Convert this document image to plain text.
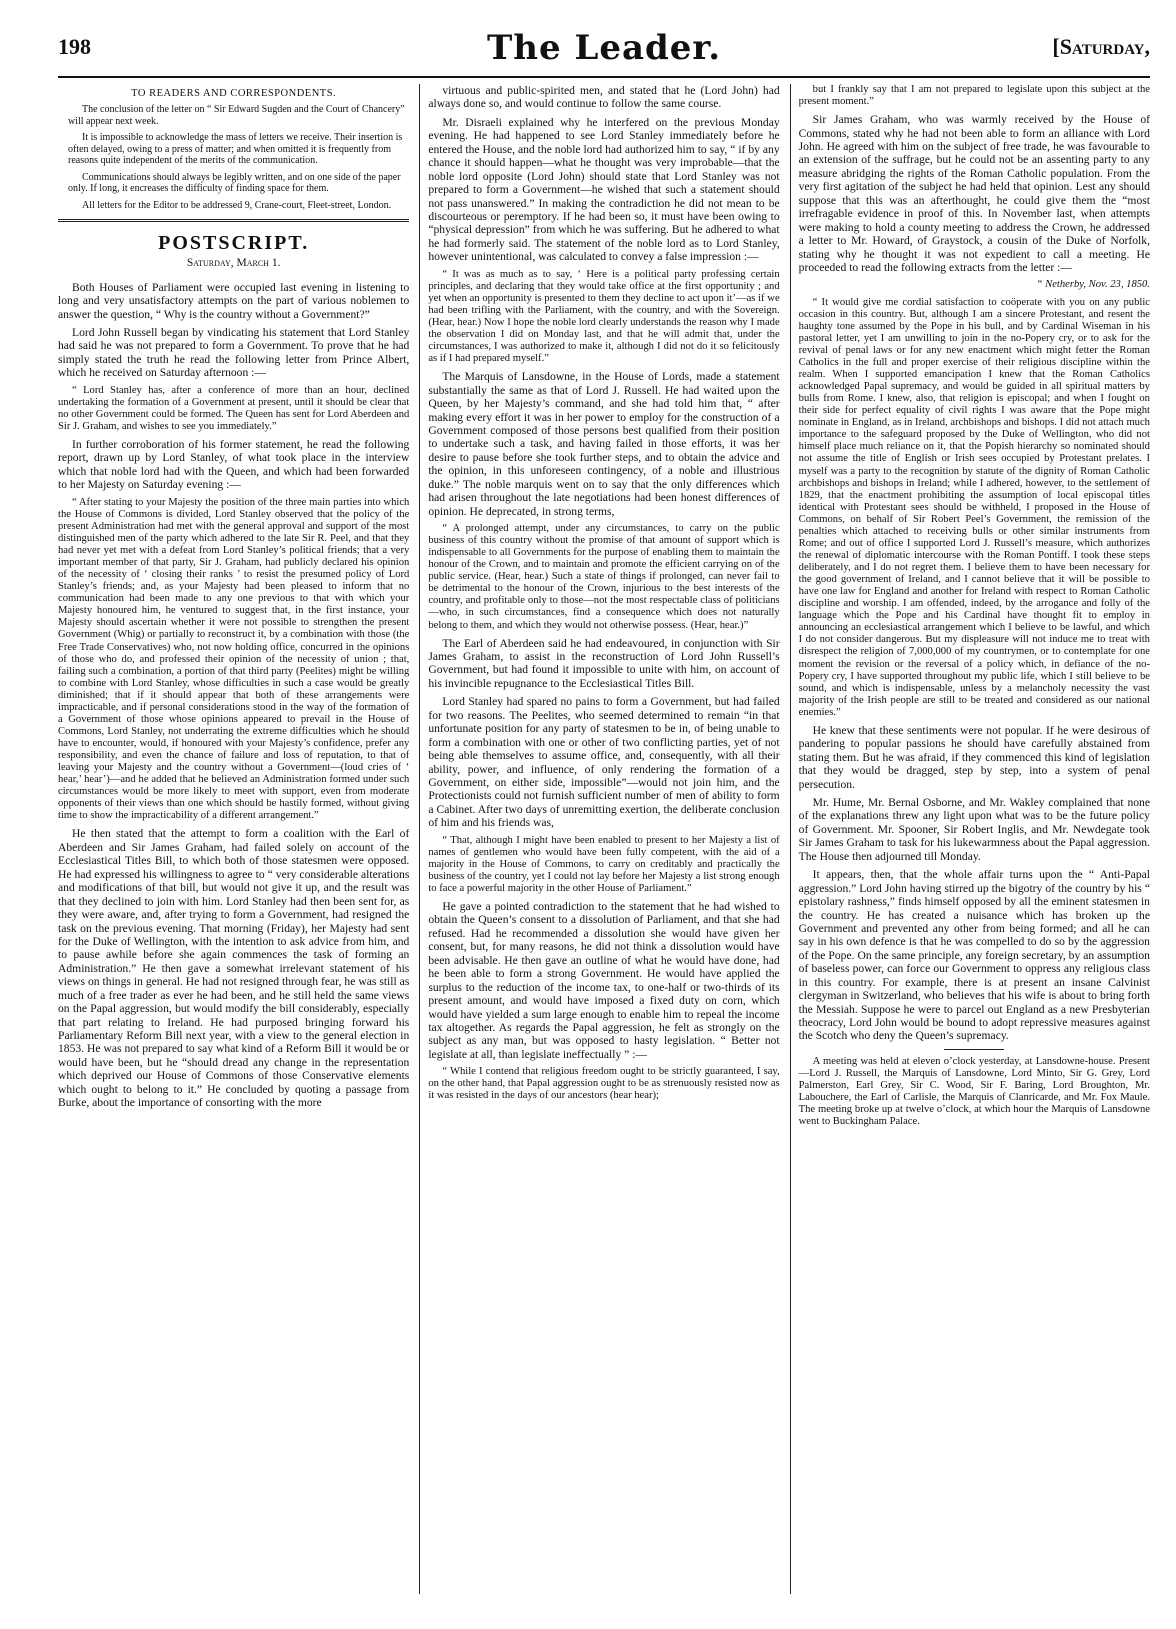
198	The Leader.	[Saturday,
TO READERS AND CORRESPONDENTS.

The conclusion of the letter on “ Sir Edward Sugden and the Court of Chancery” will appear next week.

It is impossible to acknowledge the mass of letters we receive. Their insertion is often delayed, owing to a press of matter; and when omitted it is frequently from reasons quite independent of the merits of the communication.

Communications should always be legibly written, and on one side of the paper only. If long, it encreases the difficulty of finding space for them.

All letters for the Editor to be addressed 9, Crane-court, Fleet-street, London.

POSTSCRIPT.
Saturday, March 1.

Both Houses of Parliament were occupied last evening in listening to long and very unsatisfactory attempts on the part of various noblemen to answer the question, “ Why is the country without a Government?”

Lord John Russell began by vindicating his statement that Lord Stanley had said he was not prepared to form a Government. To prove that he had simply stated the truth he read the following letter from Prince Albert, which he received on Saturday afternoon :—

“ Lord Stanley has, after a conference of more than an hour, declined undertaking the formation of a Government at present, until it should be clear that no other Government could be formed. The Queen has sent for Lord Aberdeen and Sir J. Graham, and wishes to see you immediately.”

In further corroboration of his former statement, he read the following report, drawn up by Lord Stanley, of what took place in the interview which that noble lord had with the Queen, and which had been forwarded to her Majesty on Saturday evening :—

“ After stating to your Majesty the position of the three main parties into which the House of Commons is divided, Lord Stanley observed that the policy of the present Administration had met with the general approval and support of the most distinguished men of the party which adhered to the late Sir R. Peel, and that they had never yet met with a defeat from Lord Stanley’s political friends; that a very important member of that party, Sir J. Graham, had publicly declared his opinion of the necessity of ‘ closing their ranks ’ to resist the presumed policy of Lord Stanley’s friends; and, as your Majesty had been pleased to inform that no communication had been made to any one previous to that with which your Majesty honoured him, he ventured to suggest that, in the first instance, your Majesty should ascertain whether it were not possible to strengthen the present Government (Whig) or partially to reconstruct it, by a combination with those (the Free Trade Conservatives) who, not now holding office, concurred in the opinions of those who do, and professed their opinion of the necessity of union ; that, failing such a combination, a portion of that third party (Peelites) might be willing to combine with Lord Stanley, whose difficulties in such a case would be greatly diminished; that if it should appear that both of these arrangements were impracticable, and if personal considerations stood in the way of the formation of a Government of those whose opinions appeared to prevail in the House of Commons, Lord Stanley, not underrating the extreme difficulties which he should have to encounter, would, if honoured with your Majesty’s confidence, prefer any responsibility, and even the chance of failure and loss of reputation, to that of leaving your Majesty and the country without a Government—(loud cries of ‘ hear,’ hear’)—and he added that he believed an Administration formed under such circumstances would be more likely to meet with support, even from moderate opponents of their views than one which should be hastily formed, without giving time to show the impracticability of a different arrangement.”

He then stated that the attempt to form a coalition with the Earl of Aberdeen and Sir James Graham, had failed solely on account of the Ecclesiastical Titles Bill, to which both of those statesmen were opposed. He had expressed his willingness to agree to “ very considerable alterations and modifications of that bill, but would not give it up, and the result was that they declined to join with him. Lord Stanley had then been sent for, as they were aware, and, after trying to form a Government, had resigned the task on the previous evening. That morning (Friday), her Majesty had sent for the Duke of Wellington, with the intention to ask advice from him, and to pause awhile before she again commences the task of forming an Administration.” He then gave a somewhat irrelevant statement of his views on things in general. He had not resigned through fear, he was still as much of a free trader as ever he had been, and he still held the same views on the Papal aggression, but would modify the bill considerably, especially that part relating to Ireland. He had purposed bringing forward his Parliamentary Reform Bill next year, with a view to the general election in 1853. He was not prepared to say what kind of a Reform Bill it would be or would have been, but he “should dread any change in the representation which deprived our House of Commons of those Conservative elements which ought to belong to it.” He concluded by quoting a passage from Burke, about the importance of consorting with the more

virtuous and public-spirited men, and stated that he (Lord John) had always done so, and would continue to follow the same course.

Mr. Disraeli explained why he interfered on the previous Monday evening. He had happened to see Lord Stanley immediately before he entered the House, and the noble lord had authorized him to say, “ if by any chance it should happen—what he thought was very improbable—that the noble lord opposite (Lord John) should state that Lord Stanley was not prepared to form a Government—he wished that such a statement should not pass unanswered.” In making the contradiction he did not mean to be discourteous or peremptory. If he had been so, it must have been owing to “physical depression” from which he was suffering. But he adhered to what he had formerly said. The statement of the noble lord as to Lord Stanley, however unintentional, was calculated to convey a false impression :—

“ It was as much as to say, ‘ Here is a political party professing certain principles, and declaring that they would take office at the first opportunity ; and yet when an opportunity is presented to them they decline to act upon it’—as if we had been trifling with the Parliament, with the country, and with the Sovereign. (Hear, hear.) Now I hope the noble lord clearly understands the reason why I made the observation I did on Monday last, and that he will admit that, under the circumstances, I was authorized to make it, although I did not do it so felicitously as if I had prepared myself.”

The Marquis of Lansdowne, in the House of Lords, made a statement substantially the same as that of Lord J. Russell. He had waited upon the Queen, by her Majesty’s command, and she had told him that, “ after making every effort it was in her power to employ for the construction of a Government composed of those persons best qualified from their position to undertake such a task, and having failed in those efforts, it was her desire to pause before she took further steps, and to obtain the advice and the opinion, in this unforeseen contingency, of a noble and illustrious duke.” The noble marquis went on to say that the only differences which had arisen throughout the late negotiations had been honest differences of opinion. He deprecated, in strong terms,

“ A prolonged attempt, under any circumstances, to carry on the public business of this country without the promise of that amount of support which is indispensable to all Governments for the purpose of enabling them to maintain the honour of the Crown, and to maintain and promote the efficient carrying on of the public service. (Hear, hear.) Such a state of things if prolonged, can never fail to be detrimental to the honour of the Crown, injurious to the best interests of the country, and profitable only to those—not the most respectable class of politicians—who, in such circumstances, find a consequence which does not naturally belong to them, and which they would not otherwise possess. (Hear, hear.)”

The Earl of Aberdeen said he had endeavoured, in conjunction with Sir James Graham, to assist in the reconstruction of Lord John Russell’s Government, but had found it impossible to unite with him, on account of his invincible repugnance to the Ecclesiastical Titles Bill.

Lord Stanley had spared no pains to form a Government, but had failed for two reasons. The Peelites, who seemed determined to remain “in that unfortunate position for any party of statesmen to be in, of being unable to form a combination with one or other of two conflicting parties, yet of not being able themselves to assume office, and, consequently, with all their ability, power, and influence, of only rendering the formation of a Government, on either side, impossible”—would not join him, and the Protectionists could not furnish sufficient number of men of ability to form a Cabinet. After two days of unremitting exertion, the deliberate conclusion of him and his friends was,

“ That, although I might have been enabled to present to her Majesty a list of names of gentlemen who would have been fully competent, with the aid of a majority in the House of Commons, to carry on creditably and practically the business of the country, yet I could not lay before her Majesty a list strong enough to face a powerful majority in the other House of Parliament.”

He gave a pointed contradiction to the statement that he had wished to obtain the Queen’s consent to a dissolution of Parliament, and that she had refused. Had he recommended a dissolution she would have given her consent, but, for many reasons, he did not think a dissolution would have been advisable. He then gave an outline of what he would have done, had he been able to form a strong Government. He would have applied the surplus to the reduction of the income tax, to one-half or two-thirds of its present amount, and would have imposed a fixed duty on corn, which would have yielded a sum large enough to enable him to repeal the income tax altogether. As regards the Papal aggression, he felt as strongly on the subject as any man, but was opposed to hasty legislation. “ Better not legislate at all, than legislate ineffectually ” :—

“ While I contend that religious freedom ought to be strictly guaranteed, I say, on the other hand, that Papal aggression ought to be as strenuously resisted now as it was resisted in the days of our ancestors (hear hear);

but I frankly say that I am not prepared to legislate upon this subject at the present moment.”

Sir James Graham, who was warmly received by the House of Commons, stated why he had not been able to form an alliance with Lord John. He agreed with him on the subject of free trade, he was favourable to an extension of the suffrage, but he could not be an assenting party to any measure abridging the rights of the Roman Catholic population. From the very first agitation of the subject he had held that opinion. Lest any should suppose that this was an afterthought, he could give them the “most irrefragable evidence in proof of this. In November last, when attempts were making to hold a county meeting to address the Crown, he addressed a letter to Mr. Howard, of Graystock, a cousin of the Duke of Norfolk, stating why he thought it was not expedient to call a meeting. He proceeded to read the following extracts from the letter :—

“ Netherby, Nov. 23, 1850.

“ It would give me cordial satisfaction to coöperate with you on any public occasion in this country. But, although I am a sincere Protestant, and resent the haughty tone assumed by the Pope in his bull, and by Cardinal Wiseman in his pastoral letter, yet I am unwilling to join in the no-Popery cry, or to ask for the revival of penal laws or for any new enactment which might fetter the Roman Catholics in the full and proper exercise of their religious discipline within the realm. When I supported emancipation I knew that the Roman Catholics acknowledged Papal supremacy, and would be guided in all spiritual matters by bulls from Rome. I knew, also, that religion is episcopal; and when I fought on their side for perfect equality of civil rights I was aware that the Pope might nominate in England, as in Ireland, archbishops and bishops. I did not attach much importance to the safeguard proposed by the Duke of Wellington, who did not himself place much reliance on it, that the Popish hierarchy so nominated should not assume the title of English or Irish sees occupied by Protestant prelates. I myself was a party to the recognition by statute of the dignity of Roman Catholic archbishops and bishops in Ireland; while I adhered, however, to the settlement of 1829, that the enactment prohibiting the assumption of local episcopal titles identical with Protestant sees should be withheld, I proposed in the House of Commons, on behalf of Sir Robert Peel’s Government, the remission of the penalties which attached to receiving bulls or other similar instruments from Rome; and out of office I supported Lord J. Russell’s measure, which authorizes the renewal of diplomatic intercourse with the Roman Pontiff. I took these steps deliberately, and I do not regret them. I believe them to have been necessary for the good government of Ireland, and I cannot believe that it will be possible to have one law for England and another for Ireland with respect to Roman Catholic discipline and worship. I am offended, indeed, by the arrogance and folly of the language which the Pope and his Cardinal have thought fit to employ in announcing an ecclesiastical arrangement which I believe to be lawful, and which I do not consider dangerous. But my displeasure will not induce me to treat with disrespect the religion of 7,000,000 of my countrymen, or to contemplate for one moment the revision or the reversal of a policy which, in defiance of the no-Popery cry, I have supported throughout my public life, which I still believe to be sound, and which is indispensable, unless by a melancholy necessity the vast majority of the Irish people are still to be treated and considered as our national enemies.”

He knew that these sentiments were not popular. If he were desirous of pandering to popular passions he should have carefully abstained from stating them. But he was afraid, if they commenced this kind of legislation that they would be dragged, step by step, into a system of penal persecution.

Mr. Hume, Mr. Bernal Osborne, and Mr. Wakley complained that none of the explanations threw any light upon what was to be the future policy of Government. Mr. Spooner, Sir Robert Inglis, and Mr. Newdegate took Sir James Graham to task for his lukewarmness about the Papal aggression. The House then adjourned till Monday.

It appears, then, that the whole affair turns upon the “ Anti-Papal aggression.” Lord John having stirred up the bigotry of the country by his “ epistolary rashness,” finds himself opposed by all the eminent statesmen in the country. He has created a nuisance which has broken up the Government and prevented any other from being formed; and all he can say in his own defence is that he was compelled to do so by the aggression of the Pope. On the same principle, any foreign secretary, by an assumption of baseless power, can force our Government to oppress any religious class in this country. For example, there is at present an insane Calvinist clergyman in Switzerland, who believes that his wife is about to bring forth the Messiah. Suppose he were to parcel out England as a new Presbyterian theocracy, Lord John would be bound to adopt repressive measures against the Scotch who deny the Queen’s supremacy.

A meeting was held at eleven o’clock yesterday, at Lansdowne-house. Present—Lord J. Russell, the Marquis of Lansdowne, Lord Minto, Sir G. Grey, Lord Palmerston, Earl Grey, Sir C. Wood, Sir F. Baring, Lord Broughton, Mr. Labouchere, the Earl of Carlisle, the Marquis of Clanricarde, and Mr. Fox Maule. The meeting broke up at twelve o’clock, at which hour the Marquis of Lansdowne went to Buckingham Palace.
